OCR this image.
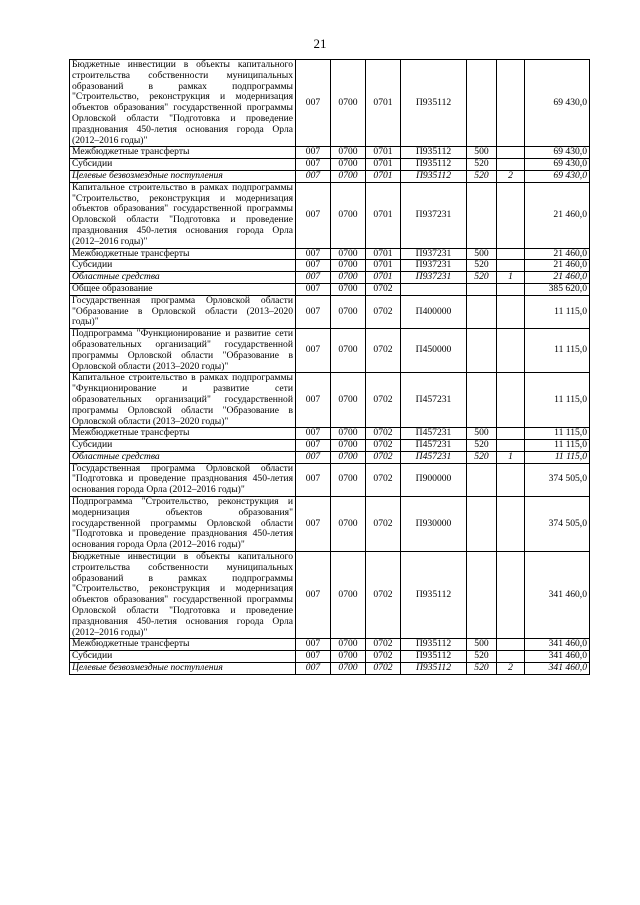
21
Бюджетные инвестиции в объекты капитального строительства собственности муниципальных образований в рамках подпрограммы "Строительство, реконструкция и модернизация объектов образования" государственной программы Орловской области "Подготовка и проведение празднования 450-летия основания города Орла (2012–2016 годы)"	007	0700	0701	П935112			69 430,0
Межбюджетные трансферты	007	0700	0701	П935112	500		69 430,0
Субсидии	007	0700	0701	П935112	520		69 430,0
Целевые безвозмездные поступления	007	0700	0701	П935112	520	2	69 430,0
Капитальное строительство в рамках подпрограммы "Строительство, реконструкция и модернизация объектов образования" государственной программы Орловской области "Подготовка и проведение празднования 450-летия основания города Орла (2012–2016 годы)"	007	0700	0701	П937231			21 460,0
Межбюджетные трансферты	007	0700	0701	П937231	500		21 460,0
Субсидии	007	0700	0701	П937231	520		21 460,0
Областные средства	007	0700	0701	П937231	520	1	21 460,0
Общее образование	007	0700	0702				385 620,0
Государственная программа Орловской области "Образование в Орловской области (2013–2020 годы)"	007	0700	0702	П400000			11 115,0
Подпрограмма "Функционирование и развитие сети образовательных организаций" государственной программы Орловской области "Образование в Орловской области (2013–2020 годы)"	007	0700	0702	П450000			11 115,0
Капитальное строительство в рамках подпрограммы "Функционирование и развитие сети образовательных организаций" государственной программы Орловской области "Образование в Орловской области (2013–2020 годы)"	007	0700	0702	П457231			11 115,0
Межбюджетные трансферты	007	0700	0702	П457231	500		11 115,0
Субсидии	007	0700	0702	П457231	520		11 115,0
Областные средства	007	0700	0702	П457231	520	1	11 115,0
Государственная программа Орловской области "Подготовка и проведение празднования 450-летия основания города Орла (2012–2016 годы)"	007	0700	0702	П900000			374 505,0
Подпрограмма "Строительство, реконструкция и модернизация объектов образования" государственной программы Орловской области "Подготовка и проведение празднования 450-летия основания города Орла (2012–2016 годы)"	007	0700	0702	П930000			374 505,0
Бюджетные инвестиции в объекты капитального строительства собственности муниципальных образований в рамках подпрограммы "Строительство, реконструкция и модернизация объектов образования" государственной программы Орловской области "Подготовка и проведение празднования 450-летия основания города Орла (2012–2016 годы)"	007	0700	0702	П935112			341 460,0
Межбюджетные трансферты	007	0700	0702	П935112	500		341 460,0
Субсидии	007	0700	0702	П935112	520		341 460,0
Целевые безвозмездные поступления	007	0700	0702	П935112	520	2	341 460,0
